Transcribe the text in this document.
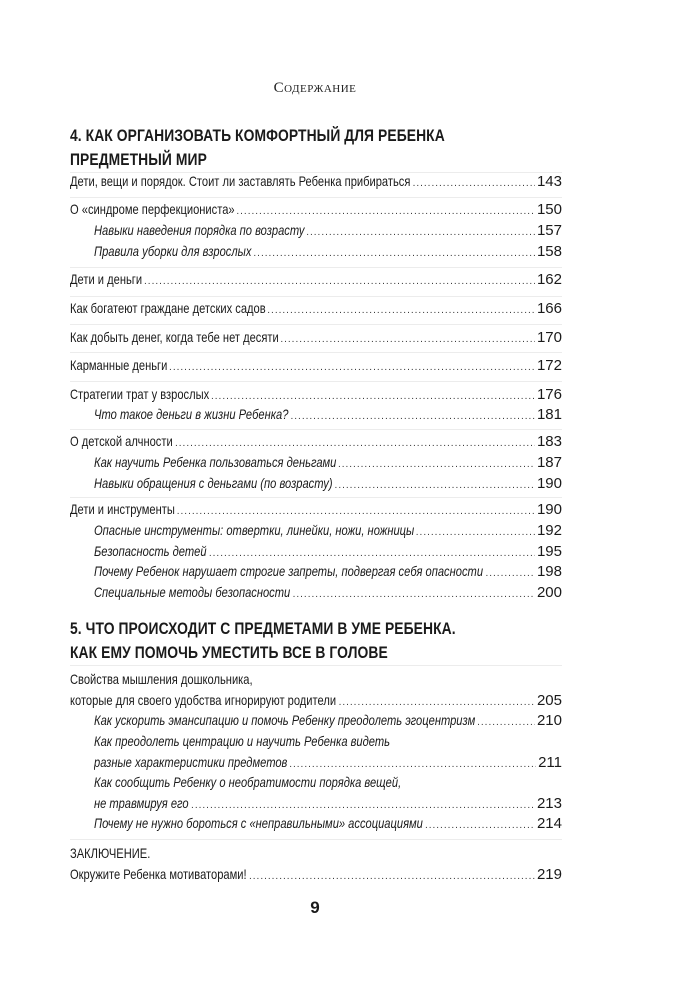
Содержание
4. КАК ОРГАНИЗОВАТЬ КОМФОРТНЫЙ ДЛЯ РЕБЕНКА
ПРЕДМЕТНЫЙ МИР
Дети, вещи и порядок. Стоит ли заставлять Ребенка прибираться .....	143
О «синдроме перфекциониста» .....	150
Навыки наведения порядка по возрасту .....	157
Правила уборки для взрослых .....	158
Дети и деньги .....	162
Как богатеют граждане детских садов .....	166
Как добыть денег, когда тебе нет десяти .....	170
Карманные деньги .....	172
Стратегии трат у взрослых .....	176
Что такое деньги в жизни Ребенка? .....	181
О детской алчности .....	183
Как научить Ребенка пользоваться деньгами .....	187
Навыки обращения с деньгами (по возрасту) .....	190
Дети и инструменты .....	190
Опасные инструменты: отвертки, линейки, ножи, ножницы .....	192
Безопасность детей .....	195
Почему Ребенок нарушает строгие запреты, подвергая себя опасности .....	198
Специальные методы безопасности .....	200
5. ЧТО ПРОИСХОДИТ С ПРЕДМЕТАМИ В УМЕ РЕБЕНКА.
КАК ЕМУ ПОМОЧЬ УМЕСТИТЬ ВСЕ В ГОЛОВЕ
Свойства мышления дошкольника,
которые для своего удобства игнорируют родители .....	205
Как ускорить эмансипацию и помочь Ребенку преодолеть эгоцентризм .....	210
Как преодолеть центрацию и научить Ребенка видеть
разные характеристики предметов .....	211
Как сообщить Ребенку о необратимости порядка вещей,
не травмируя его .....	213
Почему не нужно бороться с «неправильными» ассоциациями .....	214
ЗАКЛЮЧЕНИЕ.
Окружите Ребенка мотиваторами! .....	219
9
